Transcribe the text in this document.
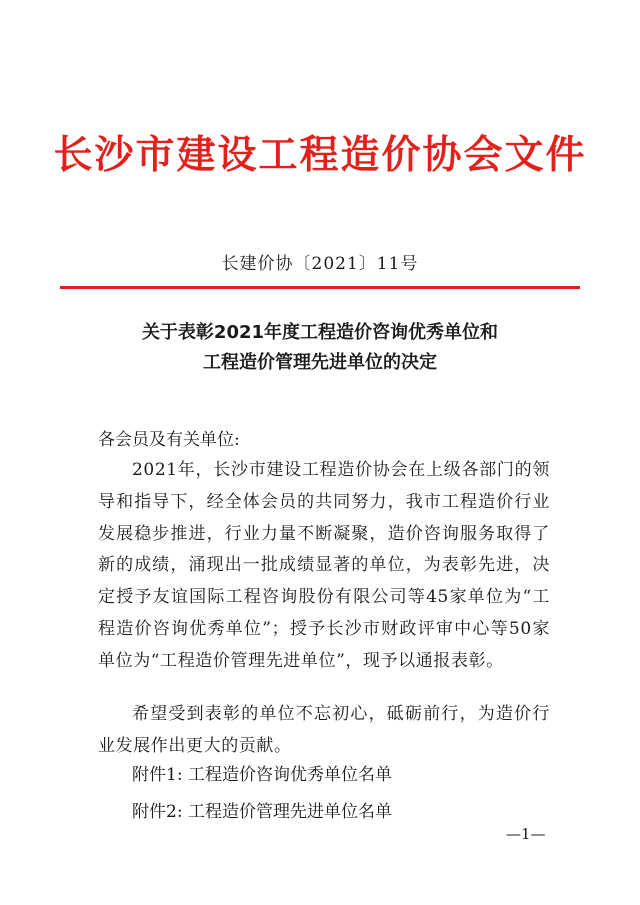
长沙市建设工程造价协会文件
长建价协〔2021〕11号
关于表彰2021年度工程造价咨询优秀单位和
工程造价管理先进单位的决定
各会员及有关单位:
2021年，长沙市建设工程造价协会在上级各部门的领导和指导下，经全体会员的共同努力，我市工程造价行业发展稳步推进，行业力量不断凝聚，造价咨询服务取得了新的成绩，涌现出一批成绩显著的单位，为表彰先进，决定授予友谊国际工程咨询股份有限公司等45家单位为“工程造价咨询优秀单位”；授予长沙市财政评审中心等50家单位为“工程造价管理先进单位”，现予以通报表彰。
希望受到表彰的单位不忘初心，砥砺前行，为造价行业发展作出更大的贡献。
附件1: 工程造价咨询优秀单位名单
附件2: 工程造价管理先进单位名单
—1—
